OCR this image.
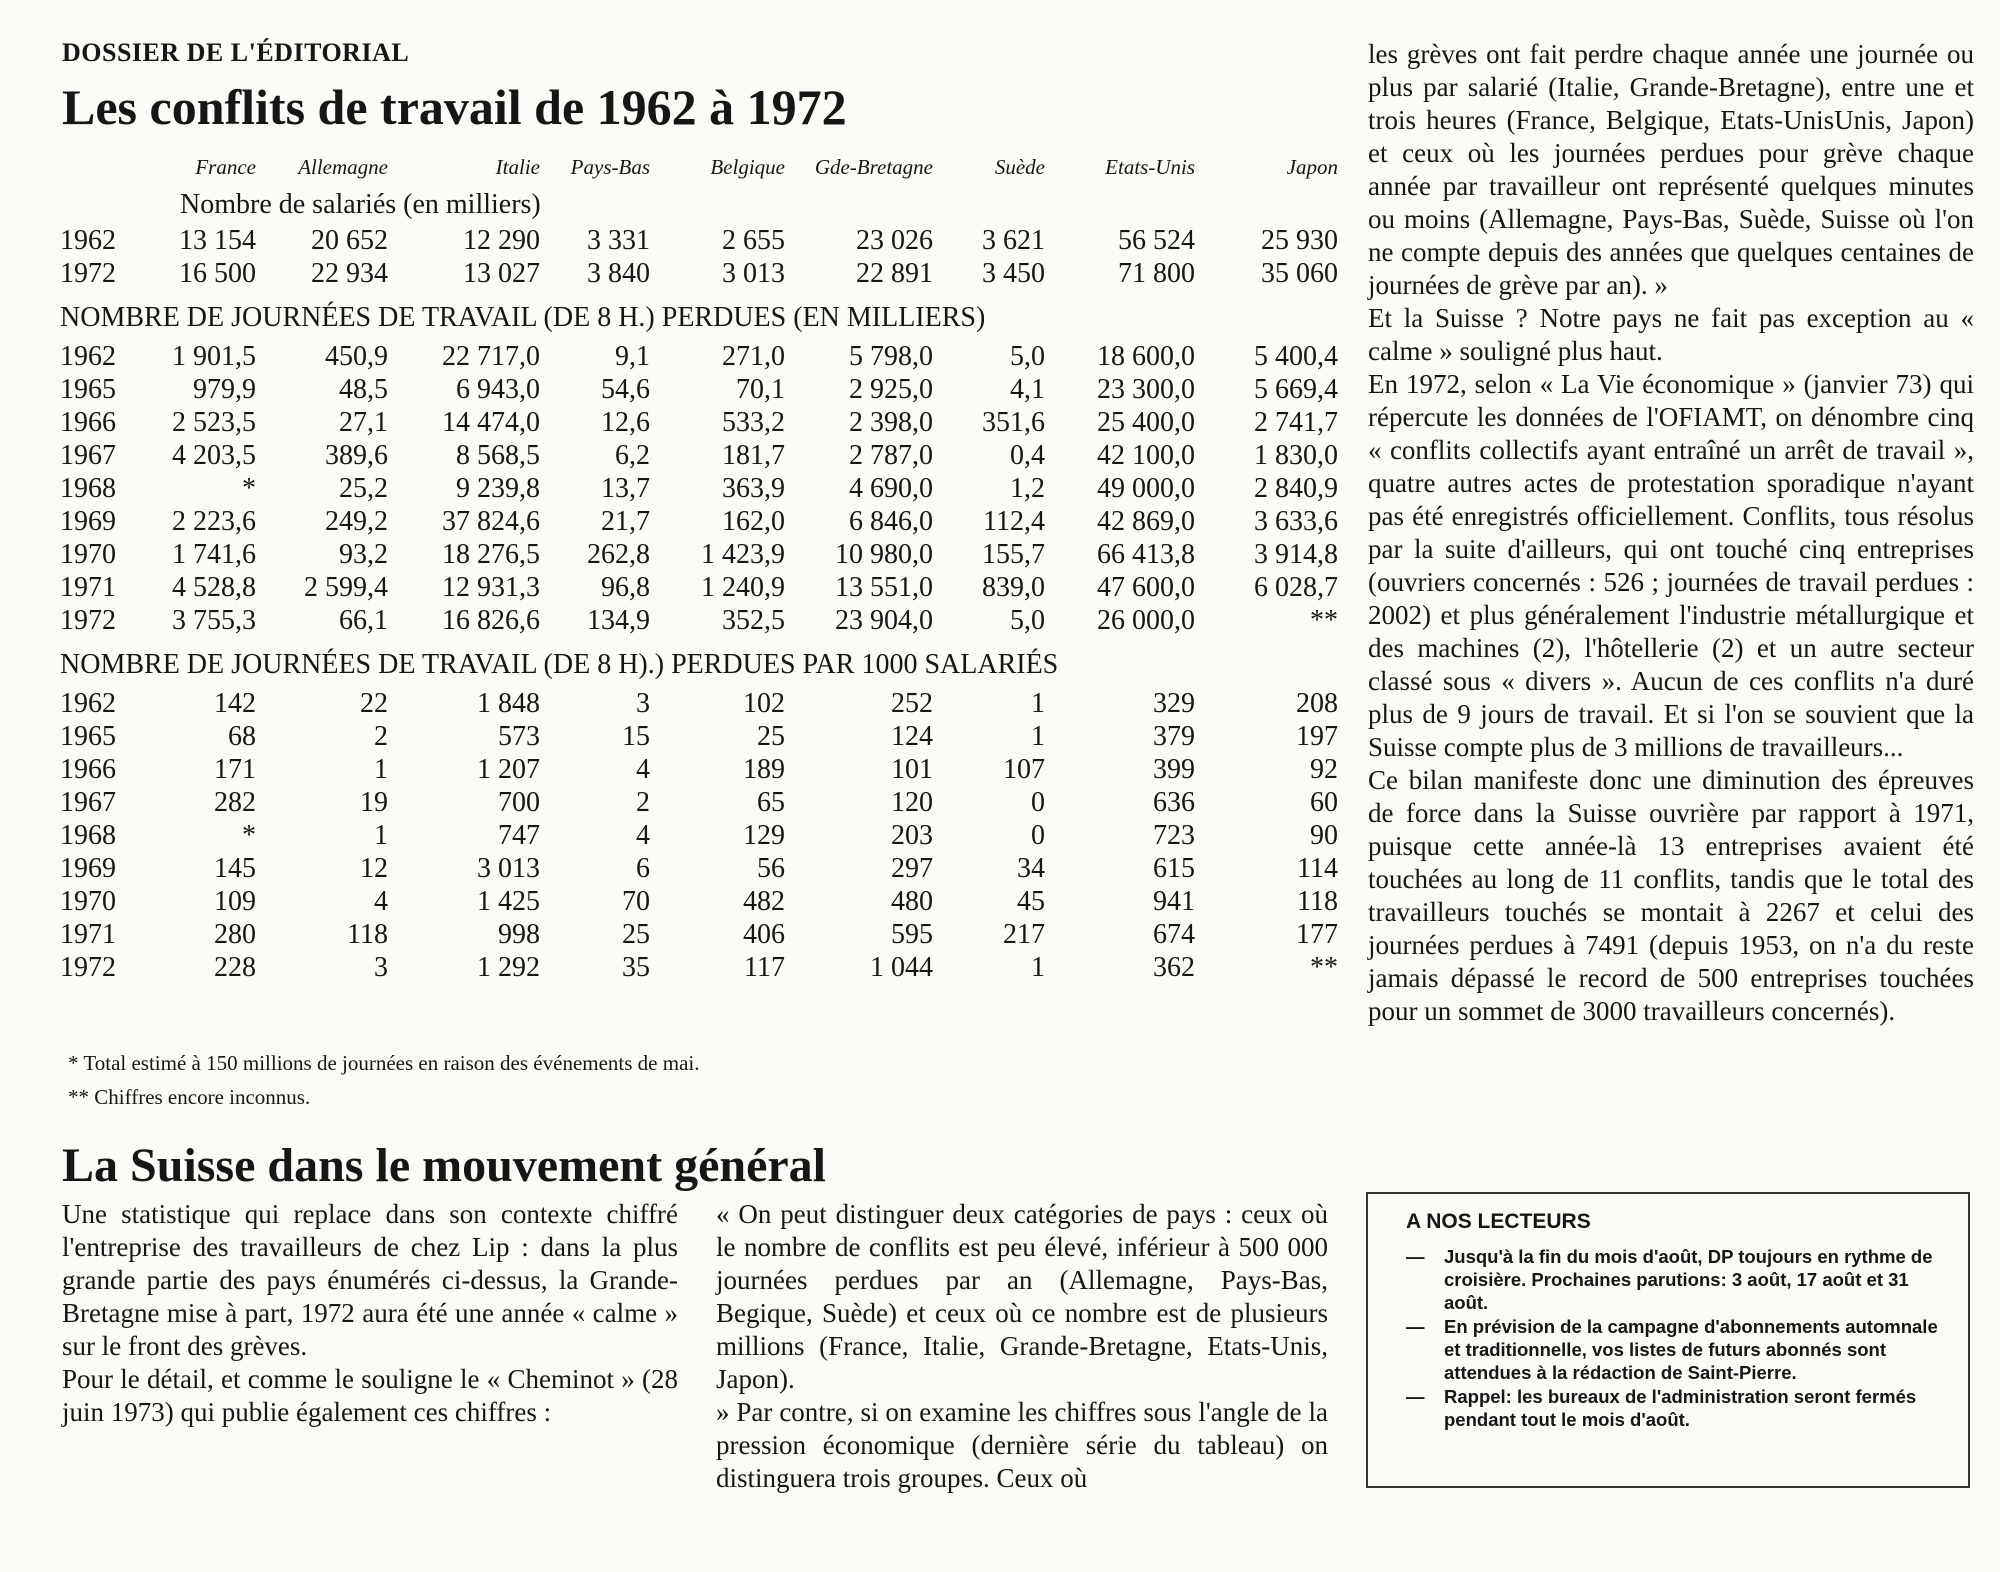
DOSSIER DE L'ÉDITORIAL
Les conflits de travail de 1962 à 1972
	France	Allemagne	Italie	Pays-Bas	Belgique	Gde-Bretagne	Suède	Etats-Unis	Japon
Nombre de salariés (en milliers)									
1962	13 154	20 652	12 290	3 331	2 655	23 026	3 621	56 524	25 930
1972	16 500	22 934	13 027	3 840	3 013	22 891	3 450	71 800	35 060
NOMBRE DE JOURNÉES DE TRAVAIL (DE 8 H.) PERDUES (EN MILLIERS)									
1962	1 901,5	450,9	22 717,0	9,1	271,0	5 798,0	5,0	18 600,0	5 400,4
1965	979,9	48,5	6 943,0	54,6	70,1	2 925,0	4,1	23 300,0	5 669,4
1966	2 523,5	27,1	14 474,0	12,6	533,2	2 398,0	351,6	25 400,0	2 741,7
1967	4 203,5	389,6	8 568,5	6,2	181,7	2 787,0	0,4	42 100,0	1 830,0
1968	*	25,2	9 239,8	13,7	363,9	4 690,0	1,2	49 000,0	2 840,9
1969	2 223,6	249,2	37 824,6	21,7	162,0	6 846,0	112,4	42 869,0	3 633,6
1970	1 741,6	93,2	18 276,5	262,8	1 423,9	10 980,0	155,7	66 413,8	3 914,8
1971	4 528,8	2 599,4	12 931,3	96,8	1 240,9	13 551,0	839,0	47 600,0	6 028,7
1972	3 755,3	66,1	16 826,6	134,9	352,5	23 904,0	5,0	26 000,0	**
NOMBRE DE JOURNÉES DE TRAVAIL (DE 8 H).) PERDUES PAR 1000 SALARIÉS									
1962	142	22	1 848	3	102	252	1	329	208
1965	68	2	573	15	25	124	1	379	197
1966	171	1	1 207	4	189	101	107	399	92
1967	282	19	700	2	65	120	0	636	60
1968	*	1	747	4	129	203	0	723	90
1969	145	12	3 013	6	56	297	34	615	114
1970	109	4	1 425	70	482	480	45	941	118
1971	280	118	998	25	406	595	217	674	177
1972	228	3	1 292	35	117	1 044	1	362	**
* Total estimé à 150 millions de journées en raison des événements de mai.
** Chiffres encore inconnus.
La Suisse dans le mouvement général

Une statistique qui replace dans son contexte chiffré l'entreprise des travailleurs de chez Lip : dans la plus grande partie des pays énumérés ci-dessus, la Grande-Bretagne mise à part, 1972 aura été une année « calme » sur le front des grèves.

Pour le détail, et comme le souligne le « Cheminot » (28 juin 1973) qui publie également ces chiffres :

« On peut distinguer deux catégories de pays : ceux où le nombre de conflits est peu élevé, inférieur à 500 000 journées perdues par an (Allemagne, Pays-Bas, Begique, Suède) et ceux où ce nombre est de plusieurs millions (France, Italie, Grande-Bretagne, Etats-Unis, Japon).

» Par contre, si on examine les chiffres sous l'angle de la pression économique (dernière série du tableau) on distinguera trois groupes. Ceux où

les grèves ont fait perdre chaque année une journée ou plus par salarié (Italie, Grande-Bretagne), entre une et trois heures (France, Belgique, Etats-UnisUnis, Japon) et ceux où les journées perdues pour grève chaque année par travailleur ont représenté quelques minutes ou moins (Allemagne, Pays-Bas, Suède, Suisse où l'on ne compte depuis des années que quelques centaines de journées de grève par an). »

Et la Suisse ? Notre pays ne fait pas exception au « calme » souligné plus haut.

En 1972, selon « La Vie économique » (janvier 73) qui répercute les données de l'OFIAMT, on dénombre cinq « conflits collectifs ayant entraîné un arrêt de travail », quatre autres actes de protestation sporadique n'ayant pas été enregistrés officiellement. Conflits, tous résolus par la suite d'ailleurs, qui ont touché cinq entreprises (ouvriers concernés : 526 ; journées de travail perdues : 2002) et plus généralement l'industrie métallurgique et des machines (2), l'hôtellerie (2) et un autre secteur classé sous « divers ». Aucun de ces conflits n'a duré plus de 9 jours de travail. Et si l'on se souvient que la Suisse compte plus de 3 millions de travailleurs...

Ce bilan manifeste donc une diminution des épreuves de force dans la Suisse ouvrière par rapport à 1971, puisque cette année-là 13 entreprises avaient été touchées au long de 11 conflits, tandis que le total des travailleurs touchés se montait à 2267 et celui des journées perdues à 7491 (depuis 1953, on n'a du reste jamais dépassé le record de 500 entreprises touchées pour un sommet de 3000 travailleurs concernés).

A NOS LECTEURS
— Jusqu'à la fin du mois d'août, DP toujours en rythme de croisière. Prochaines parutions: 3 août, 17 août et 31 août.
— En prévision de la campagne d'abonnements automnale et traditionnelle, vos listes de futurs abonnés sont attendues à la rédaction de Saint-Pierre.
— Rappel: les bureaux de l'administration seront fermés pendant tout le mois d'août.
